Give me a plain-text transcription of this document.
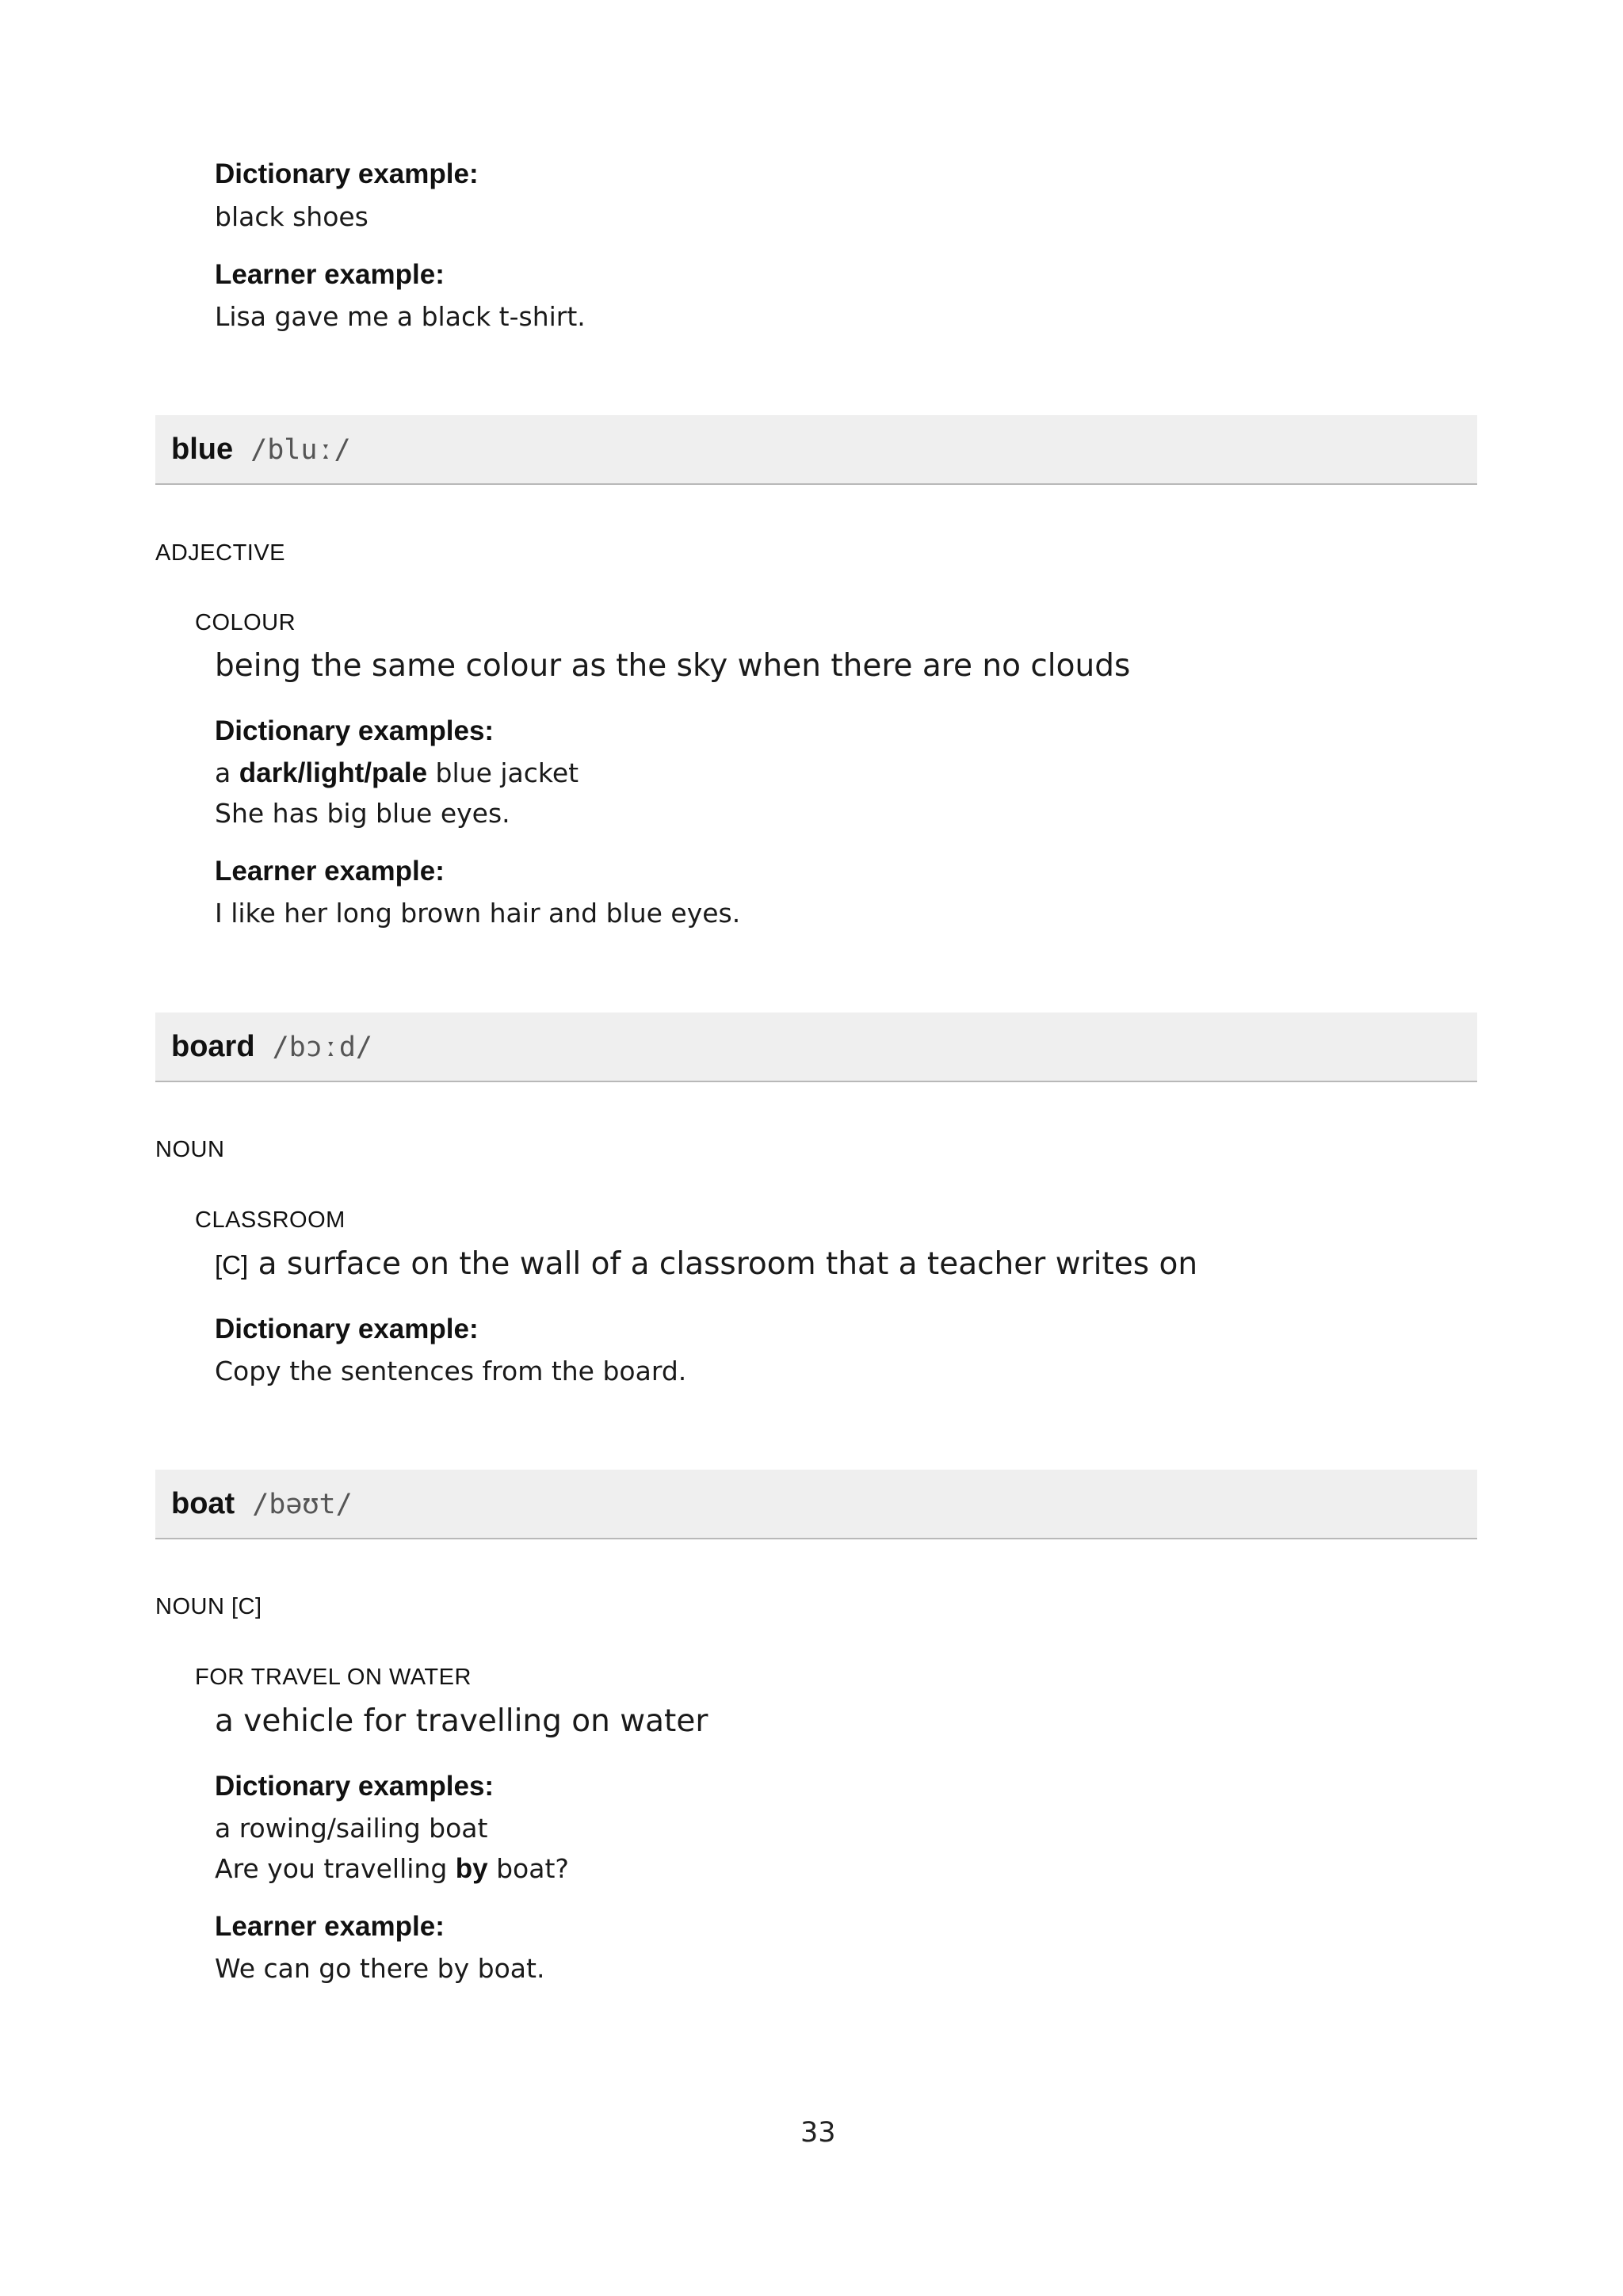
Dictionary example:
black shoes
Learner example:
Lisa gave me a black t-shirt.
blue /bluː/
ADJECTIVE
COLOUR
being the same colour as the sky when there are no clouds
Dictionary examples:
a dark/light/pale blue jacket
She has big blue eyes.
Learner example:
I like her long brown hair and blue eyes.
board /bɔːd/
NOUN
CLASSROOM
[C] a surface on the wall of a classroom that a teacher writes on
Dictionary example:
Copy the sentences from the board.
boat /bəʊt/
NOUN [C]
FOR TRAVEL ON WATER
a vehicle for travelling on water
Dictionary examples:
a rowing/sailing boat
Are you travelling by boat?
Learner example:
We can go there by boat.
33
